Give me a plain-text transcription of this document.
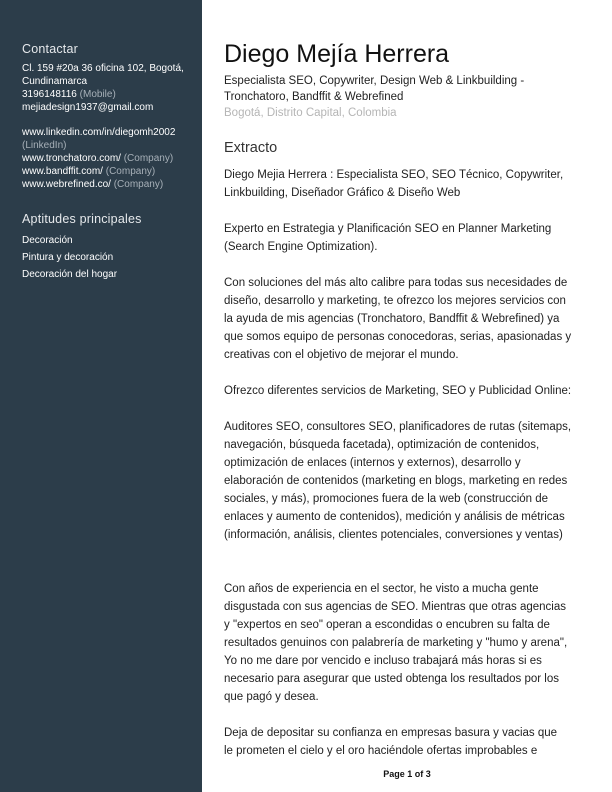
Contactar
Cl. 159 #20a 36 oficina 102, Bogotá,
Cundinamarca
3196148116 (Mobile)
mejiadesign1937@gmail.com
www.linkedin.com/in/diegomh2002
(LinkedIn)
www.tronchatoro.com/ (Company)
www.bandffit.com/ (Company)
www.webrefined.co/ (Company)
Aptitudes principales
Decoración
Pintura y decoración
Decoración del hogar
Diego Mejía Herrera
Especialista SEO, Copywriter, Design Web & Linkbuilding -
Tronchatoro, Bandffit & Webrefined
Bogotá, Distrito Capital, Colombia
Extracto

Diego Mejia Herrera : Especialista SEO, SEO Técnico, Copywriter,
Linkbuilding, Diseñador Gráfico & Diseño Web

Experto en Estrategia y Planificación SEO en Planner Marketing
(Search Engine Optimization).

Con soluciones del más alto calibre para todas sus necesidades de
diseño, desarrollo y marketing, te ofrezco los mejores servicios con
la ayuda de mis agencias (Tronchatoro, Bandffit & Webrefined) ya
que somos equipo de personas conocedoras, serias, apasionadas y
creativas con el objetivo de mejorar el mundo.

Ofrezco diferentes servicios de Marketing, SEO y Publicidad Online:

Auditores SEO, consultores SEO, planificadores de rutas (sitemaps,
navegación, búsqueda facetada), optimización de contenidos,
optimización de enlaces (internos y externos), desarrollo y
elaboración de contenidos (marketing en blogs, marketing en redes
sociales, y más), promociones fuera de la web (construcción de
enlaces y aumento de contenidos), medición y análisis de métricas
(información, análisis, clientes potenciales, conversiones y ventas)

Con años de experiencia en el sector, he visto a mucha gente
disgustada con sus agencias de SEO. Mientras que otras agencias
y "expertos en seo" operan a escondidas o encubren su falta de
resultados genuinos con palabrería de marketing y "humo y arena",
Yo no me dare por vencido e incluso trabajará más horas si es
necesario para asegurar que usted obtenga los resultados por los
que pagó y desea.

Deja de depositar su confianza en empresas basura y vacias que
le prometen el cielo y el oro haciéndole ofertas improbables e

Page 1 of 3
